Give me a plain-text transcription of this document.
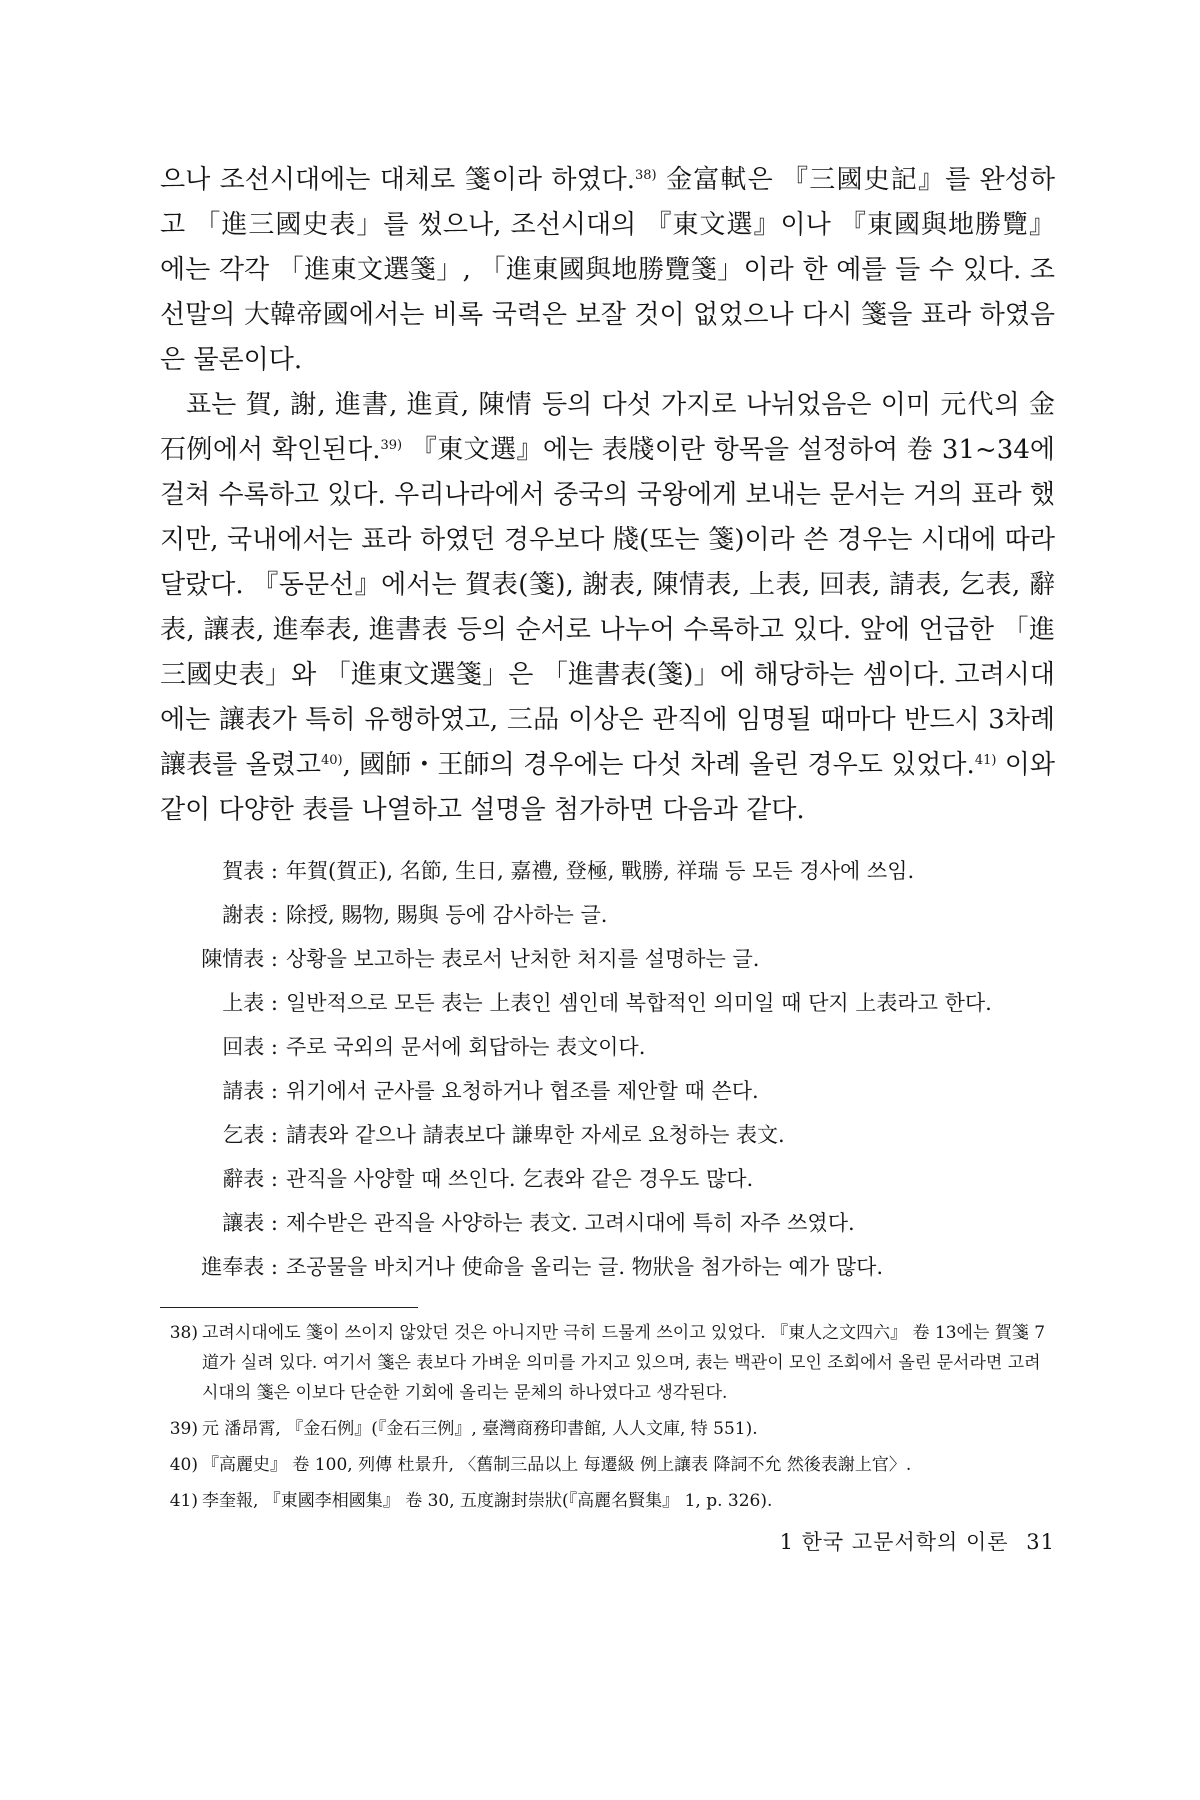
으나 조선시대에는 대체로 箋이라 하였다.$^{38)}$ 金富軾은 『三國史記』를 완성하고 「進三國史表」를 썼으나, 조선시대의 『東文選』이나 『東國與地勝覽』에는 각각 「進東文選箋」, 「進東國與地勝覽箋」이라 한 예를 들 수 있다. 조선말의 大韓帝國에서는 비록 국력은 보잘 것이 없었으나 다시 箋을 표라 하였음은 물론이다.

표는 賀, 謝, 進書, 進貢, 陳情 등의 다섯 가지로 나뉘었음은 이미 元代의 金石例에서 확인된다.$^{39)}$ 『東文選』에는 表牋이란 항목을 설정하여 卷 31~34에 걸쳐 수록하고 있다. 우리나라에서 중국의 국왕에게 보내는 문서는 거의 표라 했지만, 국내에서는 표라 하였던 경우보다 牋(또는 箋)이라 쓴 경우는 시대에 따라 달랐다. 『동문선』에서는 賀表(箋), 謝表, 陳情表, 上表, 回表, 請表, 乞表, 辭表, 讓表, 進奉表, 進書表 등의 순서로 나누어 수록하고 있다. 앞에 언급한 「進三國史表」와 「進東文選箋」은 「進書表(箋)」에 해당하는 셈이다. 고려시대에는 讓表가 특히 유행하였고, 三品 이상은 관직에 임명될 때마다 반드시 3차례 讓表를 올렸고$^{40)}$, 國師・王師의 경우에는 다섯 차례 올린 경우도 있었다.$^{41)}$ 이와 같이 다양한 表를 나열하고 설명을 첨가하면 다음과 같다.

賀表 :	年賀(賀正), 名節, 生日, 嘉禮, 登極, 戰勝, 祥瑞 등 모든 경사에 쓰임.
謝表 :	除授, 賜物, 賜與 등에 감사하는 글.
陳情表 :	상황을 보고하는 表로서 난처한 처지를 설명하는 글.
上表 :	일반적으로 모든 表는 上表인 셈인데 복합적인 의미일 때 단지 上表라고 한다.
回表 :	주로 국외의 문서에 회답하는 表文이다.
請表 :	위기에서 군사를 요청하거나 협조를 제안할 때 쓴다.
乞表 :	請表와 같으나 請表보다 謙卑한 자세로 요청하는 表文.
辭表 :	관직을 사양할 때 쓰인다. 乞表와 같은 경우도 많다.
讓表 :	제수받은 관직을 사양하는 表文. 고려시대에 특히 자주 쓰였다.
進奉表 :	조공물을 바치거나 使命을 올리는 글. 物狀을 첨가하는 예가 많다.
38 ) 고려시대에도 箋이 쓰이지 않았던 것은 아니지만 극히 드물게 쓰이고 있었다. 『東人之文四六』 卷 13에는 賀箋 7道가 실려 있다. 여기서 箋은 表보다 가벼운 의미를 가지고 있으며, 表는 백관이 모인 조회에서 올린 문서라면 고려시대의 箋은 이보다 단순한 기회에 올리는 문체의 하나였다고 생각된다.
39 ) 元 潘昂霄, 『金石例』(『金石三例』, 臺灣商務印書館, 人人文庫, 特 551).
40 ) 『高麗史』 卷 100, 列傳 杜景升, 〈舊制三品以上 每遷級 例上讓表 降詞不允 然後表謝上官〉.
41 ) 李奎報, 『東國李相國集』 卷 30, 五度謝封崇狀(『高麗名賢集』 1, p. 326).
1 한국 고문서학의 이론 31
